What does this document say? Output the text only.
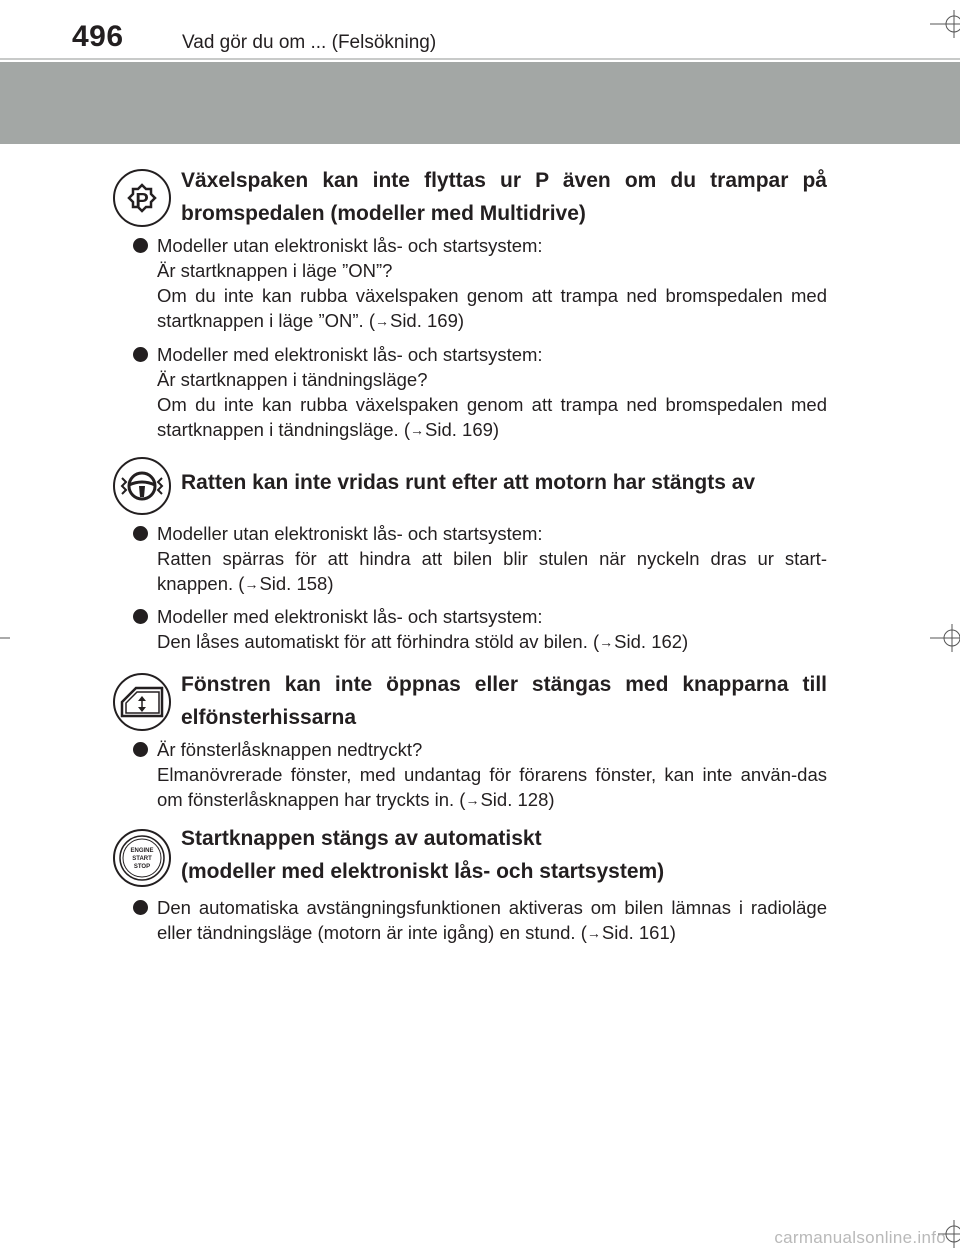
496	Vad gör du om ... (Felsökning)
P
Växelspaken kan inte flyttas ur P även om du trampar på bromspedalen (modeller med Multidrive)
Modeller utan elektroniskt lås- och startsystem:
Är startknappen i läge ”ON”?
Om du inte kan rubba växelspaken genom att trampa ned bromspedalen med startknappen i läge ”ON”. (→Sid. 169)
Modeller med elektroniskt lås- och startsystem:
Är startknappen i tändningsläge?
Om du inte kan rubba växelspaken genom att trampa ned bromspedalen med startknappen i tändningsläge. (→Sid. 169)
Ratten kan inte vridas runt efter att motorn har stängts av
Modeller utan elektroniskt lås- och startsystem:
Ratten spärras för att hindra att bilen blir stulen när nyckeln dras ur start-knappen. (→Sid. 158)
Modeller med elektroniskt lås- och startsystem:
Den låses automatiskt för att förhindra stöld av bilen. (→Sid. 162)
Fönstren kan inte öppnas eller stängas med knapparna till elfönsterhissarna
Är fönsterlåsknappen nedtryckt?
Elmanövrerade fönster, med undantag för förarens fönster, kan inte använ-das om fönsterlåsknappen har tryckts in. (→Sid. 128)
ENGINE
START
STOP
Startknappen stängs av automatiskt
(modeller med elektroniskt lås- och startsystem)
Den automatiska avstängningsfunktionen aktiveras om bilen lämnas i radioläge eller tändningsläge (motorn är inte igång) en stund. (→Sid. 161)
carmanualsonline.info
